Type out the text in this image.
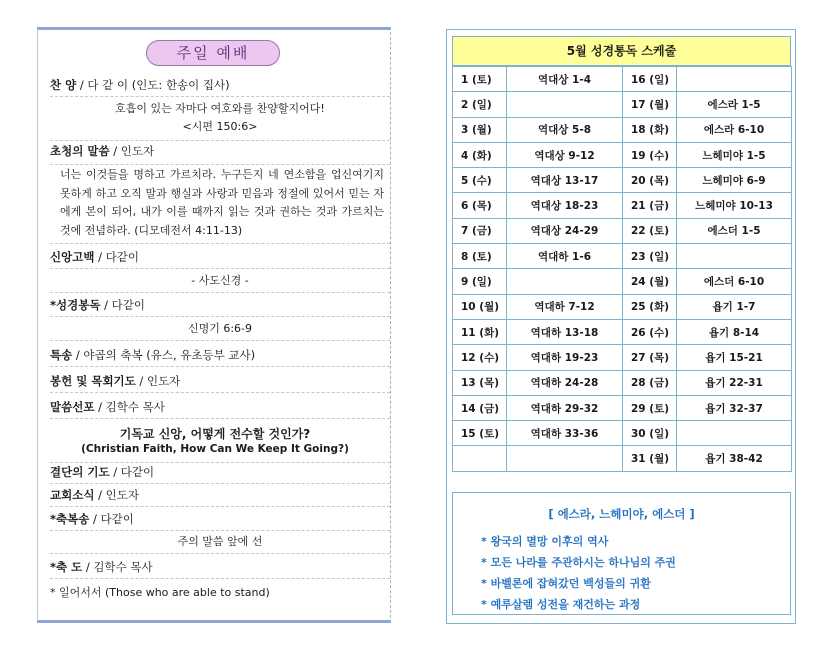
주일 예배
찬 양 / 다 같 이 (인도: 한송이 집사)
호흡이 있는 자마다 여호와를 찬양할지어다!
<시편 150:6>
초청의 말씀 / 인도자
너는 이것들을 명하고 가르치라. 누구든지 네 연소함을 업신여기지 못하게 하고 오직 말과 행실과 사랑과 믿음과 정절에 있어서 믿는 자에게 본이 되어, 내가 이를 때까지 읽는 것과 권하는 것과 가르치는 것에 전념하라. (디모데전서 4:11-13)
신앙고백 / 다같이
- 사도신경 -
*성경봉독 / 다같이
신명기 6:6-9
특송 / 야곱의 축복 (유스, 유초등부 교사)
봉헌 및 목회기도 / 인도자
말씀선포 / 김학수 목사
기독교 신앙, 어떻게 전수할 것인가?
(Christian Faith, How Can We Keep It Going?)
결단의 기도 / 다같이
교회소식 / 인도자
*축복송 / 다같이
주의 말씀 앞에 선
*축 도 / 김학수 목사
* 일어서서 (Those who are able to stand)
5월 성경통독 스케줄
1 (토)	역대상 1-4	16 (일)	
2 (일)		17 (월)	에스라 1-5
3 (월)	역대상 5-8	18 (화)	에스라 6-10
4 (화)	역대상 9-12	19 (수)	느헤미야 1-5
5 (수)	역대상 13-17	20 (목)	느헤미야 6-9
6 (목)	역대상 18-23	21 (금)	느헤미야 10-13
7 (금)	역대상 24-29	22 (토)	에스더 1-5
8 (토)	역대하 1-6	23 (일)	
9 (일)		24 (월)	에스더 6-10
10 (월)	역대하 7-12	25 (화)	욥기 1-7
11 (화)	역대하 13-18	26 (수)	욥기 8-14
12 (수)	역대하 19-23	27 (목)	욥기 15-21
13 (목)	역대하 24-28	28 (금)	욥기 22-31
14 (금)	역대하 29-32	29 (토)	욥기 32-37
15 (토)	역대하 33-36	30 (일)	
		31 (월)	욥기 38-42
[ 에스라, 느헤미야, 에스더 ]
* 왕국의 멸망 이후의 역사
* 모든 나라를 주관하시는 하나님의 주권
* 바벨론에 잡혀갔던 백성들의 귀환
* 예루살렘 성전을 재건하는 과정
